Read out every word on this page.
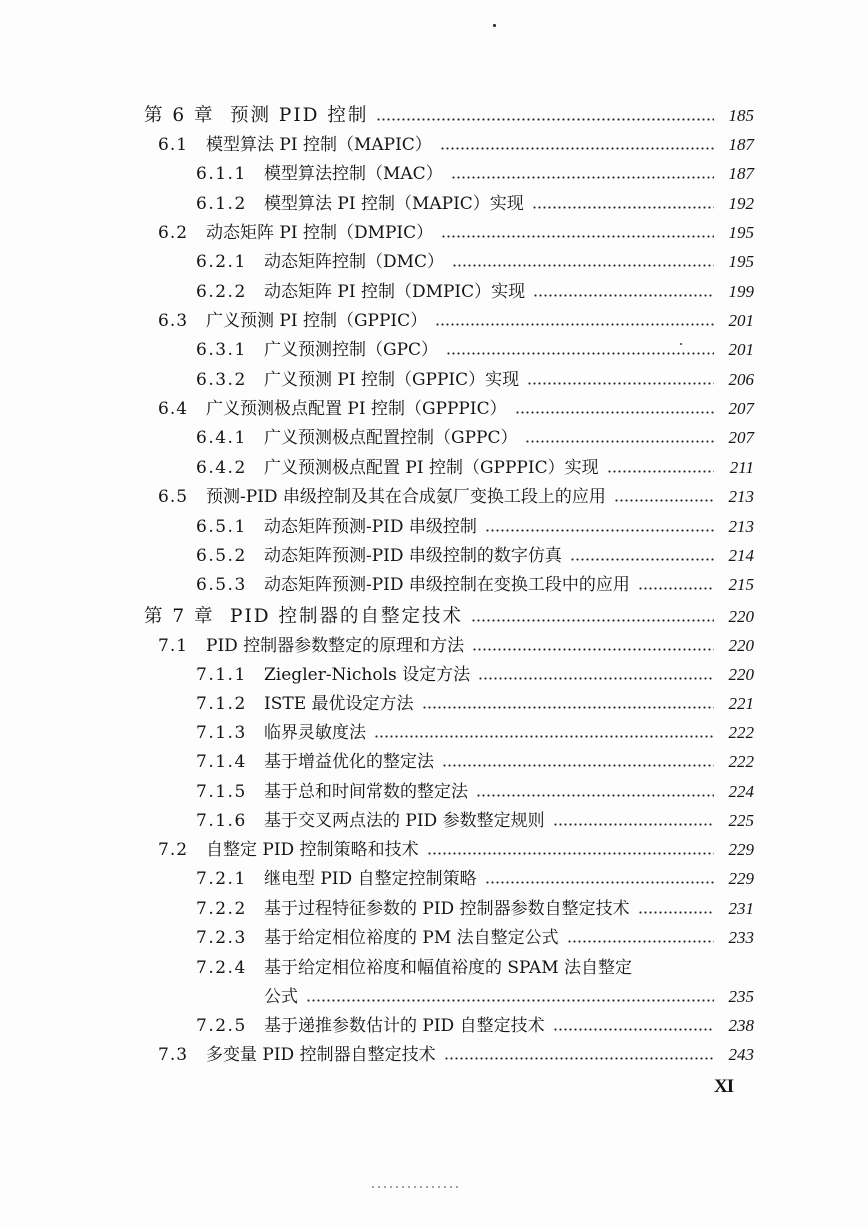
第 6 章 预测 PID 控制	185
6.1	模型算法 PI 控制（MAPIC）	187
6.1.1	模型算法控制（MAC）	187
6.1.2	模型算法 PI 控制（MAPIC）实现	192
6.2	动态矩阵 PI 控制（DMPIC）	195
6.2.1	动态矩阵控制（DMC）	195
6.2.2	动态矩阵 PI 控制（DMPIC）实现	199
6.3	广义预测 PI 控制（GPPIC）	201
6.3.1	广义预测控制（GPC）	201
6.3.2	广义预测 PI 控制（GPPIC）实现	206
6.4	广义预测极点配置 PI 控制（GPPPIC）	207
6.4.1	广义预测极点配置控制（GPPC）	207
6.4.2	广义预测极点配置 PI 控制（GPPPIC）实现	211
6.5	预测-PID 串级控制及其在合成氨厂变换工段上的应用	213
6.5.1	动态矩阵预测-PID 串级控制	213
6.5.2	动态矩阵预测-PID 串级控制的数字仿真	214
6.5.3	动态矩阵预测-PID 串级控制在变换工段中的应用	215
第 7 章 PID 控制器的自整定技术	220
7.1	PID 控制器参数整定的原理和方法	220
7.1.1	Ziegler-Nichols 设定方法	220
7.1.2	ISTE 最优设定方法	221
7.1.3	临界灵敏度法	222
7.1.4	基于增益优化的整定法	222
7.1.5	基于总和时间常数的整定法	224
7.1.6	基于交叉两点法的 PID 参数整定规则	225
7.2	自整定 PID 控制策略和技术	229
7.2.1	继电型 PID 自整定控制策略	229
7.2.2	基于过程特征参数的 PID 控制器参数自整定技术	231
7.2.3	基于给定相位裕度的 PM 法自整定公式	233
7.2.4	基于给定相位裕度和幅值裕度的 SPAM 法自整定
公式	235
7.2.5	基于递推参数估计的 PID 自整定技术	238
7.3	多变量 PID 控制器自整定技术	243
XI
